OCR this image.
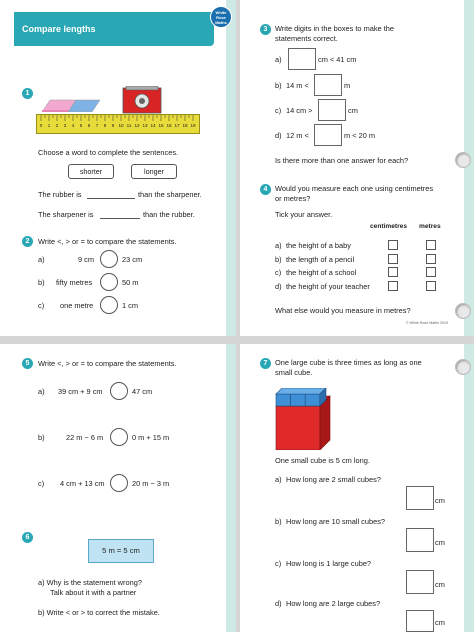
Compare lengths
White
Rose
Maths
1
0	1	2	3	4	5	6	7	8	9 10 11 12 13 14 15 16 17 18 19
Choose a word to complete the sentences.
shorter	longer
The rubber is	than the sharpener.
The sharpener is	than the rubber.
2	Write <, > or = to compare the statements.
a)	9 cm	23 cm
b) fifty metres	50 m
c) one metre	1 cm
3	Write digits in the boxes to make the
statements correct.
a)	cm < 41 cm
b) 14 m <	m
c) 14 cm >	cm
d) 12 m <	m < 20 m
Is there more than one answer for each?
4	Would you measure each one using centimetres
or metres?
Tick your answer.
centimetres metres
a) the height of a baby
b) the length of a pencil
c) the height of a school
d) the height of your teacher
What else would you measure in metres?
© White Rose Maths 2019
5	Write <, > or = to compare the statements.
a) 39 cm + 9 cm	47 cm
b)	22 m − 6 m	0 m + 15 m
c) 4 cm + 13 cm	20 m − 3 m
6
5 m = 5 cm
a) Why is the statement wrong?
Talk about it with a partner
b) Write < or > to correct the mistake.
7	One large cube is three times as long as one
small cube.
One small cube is 5 cm long.
a) How long are 2 small cubes?
cm
b) How long are 10 small cubes?
cm
c) How long is 1 large cube?
cm
d) How long are 2 large cubes?
cm
